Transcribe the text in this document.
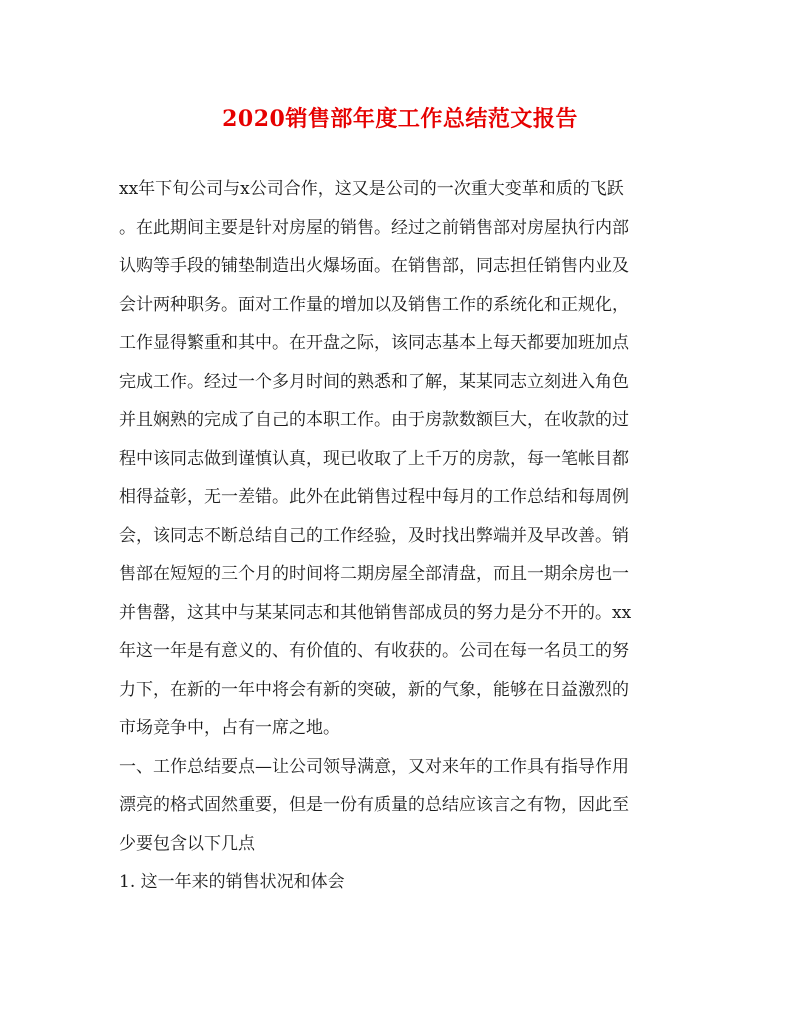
2020销售部年度工作总结范文报告
xx年下旬公司与x公司合作，这又是公司的一次重大变革和质的飞跃
。在此期间主要是针对房屋的销售。经过之前销售部对房屋执行内部
认购等手段的铺垫制造出火爆场面。在销售部，同志担任销售内业及
会计两种职务。面对工作量的增加以及销售工作的系统化和正规化，
工作显得繁重和其中。在开盘之际，该同志基本上每天都要加班加点
完成工作。经过一个多月时间的熟悉和了解，某某同志立刻进入角色
并且娴熟的完成了自己的本职工作。由于房款数额巨大，在收款的过
程中该同志做到谨慎认真，现已收取了上千万的房款，每一笔帐目都
相得益彰，无一差错。此外在此销售过程中每月的工作总结和每周例
会，该同志不断总结自己的工作经验，及时找出弊端并及早改善。销
售部在短短的三个月的时间将二期房屋全部清盘，而且一期余房也一
并售罄，这其中与某某同志和其他销售部成员的努力是分不开的。xx
年这一年是有意义的、有价值的、有收获的。公司在每一名员工的努
力下，在新的一年中将会有新的突破，新的气象，能够在日益激烈的
市场竞争中，占有一席之地。
一、工作总结要点—让公司领导满意，又对来年的工作具有指导作用
漂亮的格式固然重要，但是一份有质量的总结应该言之有物，因此至
少要包含以下几点
1. 这一年来的销售状况和体会
